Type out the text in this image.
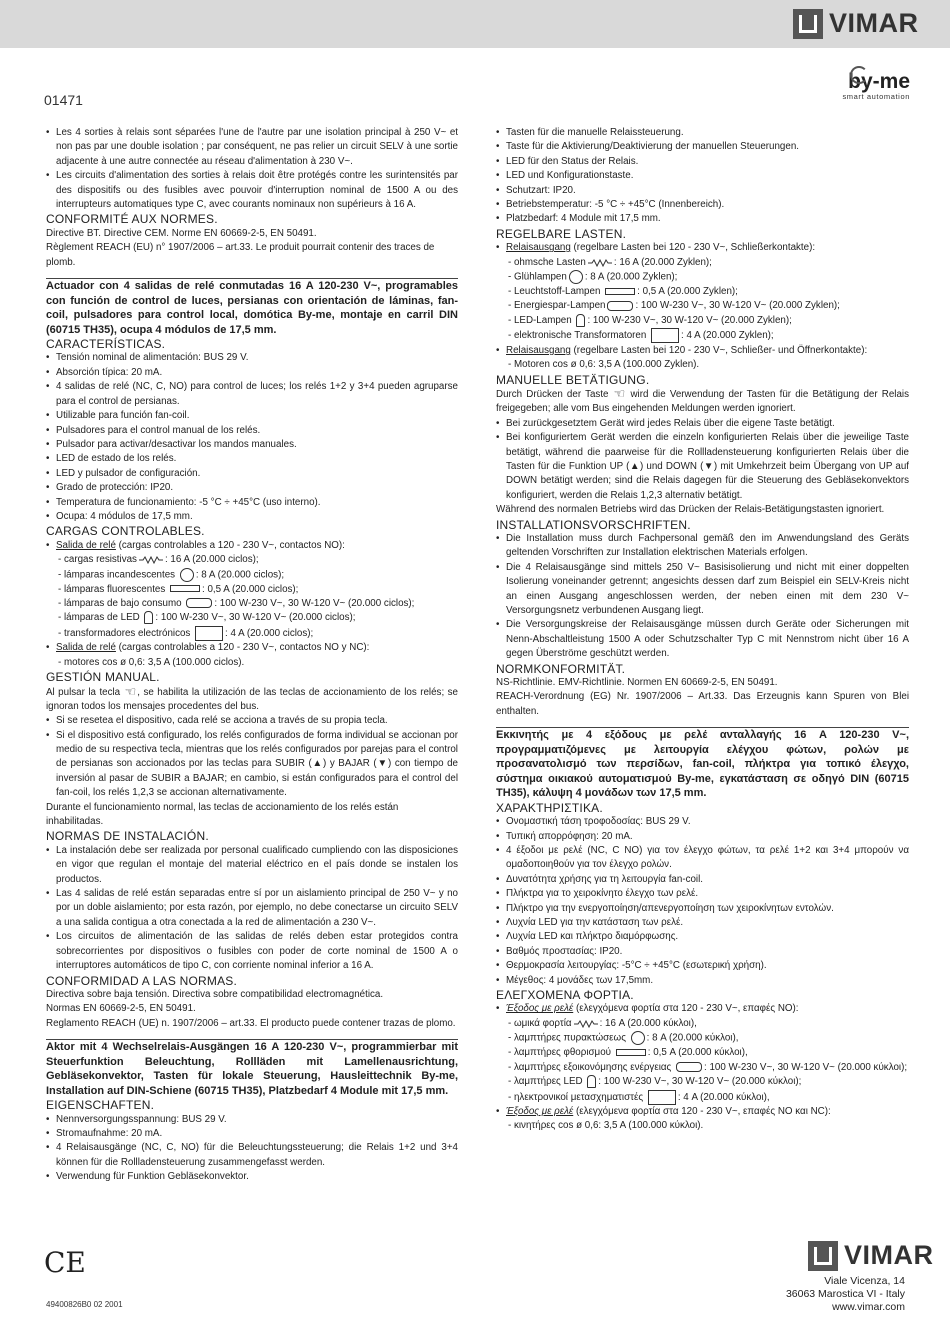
VIMAR
01471
by-me
smart automation

• Les 4 sorties à relais sont séparées l'une de l'autre par une isolation principal à 250 V~ et non pas par une double isolation ; par conséquent, ne pas relier un circuit SELV à une sortie adjacente à une autre connectée au réseau d'alimentation à 230 V~.

• Les circuits d'alimentation des sorties à relais doit être protégés contre les surintensités par des dispositifs ou des fusibles avec pouvoir d'interruption nominal de 1500 A ou des interrupteurs automatiques type C, avec courants nominaux non supérieurs à 16 A.

CONFORMITÉ AUX NORMES.

Directive BT. Directive CEM. Norme EN 60669-2-5, EN 50491.

Règlement REACH (EU) n° 1907/2006 – art.33. Le produit pourrait contenir des traces de plomb.

Actuador con 4 salidas de relé conmutadas 16 A 120-230 V~, programables con función de control de luces, persianas con orientación de láminas, fan-coil, pulsadores para control local, domótica By-me, montaje en carril DIN (60715 TH35), ocupa 4 módulos de 17,5 mm.

CARACTERÍSTICAS.

• Tensión nominal de alimentación: BUS 29 V.

• Absorción típica: 20 mA.

• 4 salidas de relé (NC, C, NO) para control de luces; los relés 1+2 y 3+4 pueden agruparse para el control de persianas.

• Utilizable para función fan-coil.

• Pulsadores para el control manual de los relés.

• Pulsador para activar/desactivar los mandos manuales.

• LED de estado de los relés.

• LED y pulsador de configuración.

• Grado de protección: IP20.

• Temperatura de funcionamiento: -5 °C ÷ +45°C (uso interno).

• Ocupa: 4 módulos de 17,5 mm.

CARGAS CONTROLABLES.

• Salida de relé (cargas controlables a 120 - 230 V~, contactos NO):

- cargas resistivas	: 16 A (20.000 ciclos);

- lámparas incandescentes : 8 A (20.000 ciclos);

- lámparas fluorescentes	: 0,5 A (20.000 ciclos);

- lámparas de bajo consumo	: 100 W-230 V~, 30 W-120 V~ (20.000 ciclos);

- lámparas de LED : 100 W-230 V~, 30 W-120 V~ (20.000 ciclos);

- transformadores electrónicos	: 4 A (20.000 ciclos);

• Salida de relé (cargas controlables a 120 - 230 V~, contactos NO y NC):

- motores cos ø 0,6: 3,5 A (100.000 ciclos).

GESTIÓN MANUAL.

Al pulsar la tecla ☜, se habilita la utilización de las teclas de accionamiento de los relés; se ignoran todos los mensajes procedentes del bus.

• Si se resetea el dispositivo, cada relé se acciona a través de su propia tecla.

• Si el dispositivo está configurado, los relés configurados de forma individual se accionan por medio de su respectiva tecla, mientras que los relés configurados por parejas para el control de persianas son accionados por las teclas para SUBIR (▲) y BAJAR (▼) con tiempo de inversión al pasar de SUBIR a BAJAR; en cambio, si están configurados para el control del fan-coil, los relés 1,2,3 se accionan alternativamente.

Durante el funcionamiento normal, las teclas de accionamiento de los relés están inhabilitadas.

NORMAS DE INSTALACIÓN.

• La instalación debe ser realizada por personal cualificado cumpliendo con las disposiciones en vigor que regulan el montaje del material eléctrico en el país donde se instalen los productos.

• Las 4 salidas de relé están separadas entre sí por un aislamiento principal de 250 V~ y no por un doble aislamiento; por esta razón, por ejemplo, no debe conectarse un circuito SELV a una salida contigua a otra conectada a la red de alimentación a 230 V~.

• Los circuitos de alimentación de las salidas de relés deben estar protegidos contra sobrecorrientes por dispositivos o fusibles con poder de corte nominal de 1500 A o interruptores automáticos de tipo C, con corriente nominal inferior a 16 A.

CONFORMIDAD A LAS NORMAS.

Directiva sobre baja tensión. Directiva sobre compatibilidad electromagnética.

Normas EN 60669-2-5, EN 50491.

Reglamento REACH (UE) n. 1907/2006 – art.33. El producto puede contener trazas de plomo.

Aktor mit 4 Wechselrelais-Ausgängen 16 A 120-230 V~, programmierbar mit Steuerfunktion Beleuchtung, Rollläden mit Lamellenausrichtung, Gebläsekonvektor, Tasten für lokale Steuerung, Hausleittechnik By-me, Installation auf DIN-Schiene (60715 TH35), Platzbedarf 4 Module mit 17,5 mm.

EIGENSCHAFTEN.

• Nennversorgungsspannung: BUS 29 V.

• Stromaufnahme: 20 mA.

• 4 Relaisausgänge (NC, C, NO) für die Beleuchtungssteuerung; die Relais 1+2 und 3+4 können für die Rollladensteuerung zusammengefasst werden.

• Verwendung für Funktion Gebläsekonvektor.

• Tasten für die manuelle Relaissteuerung.

• Taste für die Aktivierung/Deaktivierung der manuellen Steuerungen.

• LED für den Status der Relais.

• LED und Konfigurationstaste.

• Schutzart: IP20.

• Betriebstemperatur: -5 °C ÷ +45°C (Innenbereich).

• Platzbedarf: 4 Module mit 17,5 mm.

REGELBARE LASTEN.

• Relaisausgang (regelbare Lasten bei 120 - 230 V~, Schließerkontakte):

- ohmsche Lasten	: 16 A (20.000 Zyklen);

- Glühlampen : 8 A (20.000 Zyklen);

- Leuchtstoff-Lampen	: 0,5 A (20.000 Zyklen);

- Energiespar-Lampen	: 100 W-230 V~, 30 W-120 V~ (20.000 Zyklen);

- LED-Lampen : 100 W-230 V~, 30 W-120 V~ (20.000 Zyklen);

- elektronische Transformatoren	: 4 A (20.000 Zyklen);

• Relaisausgang (regelbare Lasten bei 120 - 230 V~, Schließer- und Öffnerkontakte):

- Motoren cos ø 0,6: 3,5 A (100.000 Zyklen).

MANUELLE BETÄTIGUNG.

Durch Drücken der Taste ☜ wird die Verwendung der Tasten für die Betätigung der Relais freigegeben; alle vom Bus eingehenden Meldungen werden ignoriert.

• Bei zurückgesetztem Gerät wird jedes Relais über die eigene Taste betätigt.

• Bei konfiguriertem Gerät werden die einzeln konfigurierten Relais über die jeweilige Taste betätigt, während die paarweise für die Rollladensteuerung konfigurierten Relais über die Tasten für die Funktion UP (▲) und DOWN (▼) mit Umkehrzeit beim Übergang von UP auf DOWN betätigt werden; sind die Relais dagegen für die Steuerung des Gebläsekonvektors konfiguriert, werden die Relais 1,2,3 alternativ betätigt.

Während des normalen Betriebs wird das Drücken der Relais-Betätigungstasten ignoriert.

INSTALLATIONSVORSCHRIFTEN.

• Die Installation muss durch Fachpersonal gemäß den im Anwendungsland des Geräts geltenden Vorschriften zur Installation elektrischen Materials erfolgen.

• Die 4 Relaisausgänge sind mittels 250 V~ Basisisolierung und nicht mit einer doppelten Isolierung voneinander getrennt; angesichts dessen darf zum Beispiel ein SELV-Kreis nicht an einen Ausgang angeschlossen werden, der neben einen mit dem 230 V~ Versorgungsnetz verbundenen Ausgang liegt.

• Die Versorgungskreise der Relaisausgänge müssen durch Geräte oder Sicherungen mit Nenn-Abschaltleistung 1500 A oder Schutzschalter Typ C mit Nennstrom nicht über 16 A gegen Überströme geschützt werden.

NORMKONFORMITÄT.

NS-Richtlinie. EMV-Richtlinie. Normen EN 60669-2-5, EN 50491.

REACH-Verordnung (EG) Nr. 1907/2006 – Art.33. Das Erzeugnis kann Spuren von Blei enthalten.

Εκκινητής με 4 εξόδους με ρελέ ανταλλαγής 16 A 120-230 V~, προγραμματιζόμενες με λειτουργία ελέγχου φώτων, ρολών με προσανατολισμό των περσίδων, fan-coil, πλήκτρα για τοπικό έλεγχο, σύστημα οικιακού αυτοματισμού By-me, εγκατάσταση σε οδηγό DIN (60715 TH35), κάλυψη 4 μονάδων των 17,5 mm.

ΧΑΡΑΚΤΗΡΙΣΤΙΚΑ.

• Ονομαστική τάση τροφοδοσίας: BUS 29 V.

• Τυπική απορρόφηση: 20 mA.

• 4 έξοδοι με ρελέ (NC, C NO) για τον έλεγχο φώτων, τα ρελέ 1+2 και 3+4 μπορούν να ομαδοποιηθούν για τον έλεγχο ρολών.

• Δυνατότητα χρήσης για τη λειτουργία fan-coil.

• Πλήκτρα για το χειροκίνητο έλεγχο των ρελέ.

• Πλήκτρο για την ενεργοποίηση/απενεργοποίηση των χειροκίνητων εντολών.

• Λυχνία LED για την κατάσταση των ρελέ.

• Λυχνία LED και πλήκτρο διαμόρφωσης.

• Βαθμός προστασίας: IP20.

• Θερμοκρασία λειτουργίας: -5°C ÷ +45°C (εσωτερική χρήση).

• Μέγεθος: 4 μονάδες των 17,5mm.

ΕΛΕΓΧΟΜΕΝΑ ΦΟΡΤΙΑ.

• Έξοδος με ρελέ (ελεγχόμενα φορτία στα 120 - 230 V~, επαφές NO):

- ωμικά φορτία	: 16 A (20.000 κύκλοι),

- λαμπτήρες πυρακτώσεως : 8 A (20.000 κύκλοι),

- λαμπτήρες φθορισμού	: 0,5 A (20.000 κύκλοι),

- λαμπτήρες εξοικονόμησης ενέργειας	: 100 W-230 V~, 30 W-120 V~ (20.000 κύκλοι);

- λαμπτήρες LED : 100 W-230 V~, 30 W-120 V~ (20.000 κύκλοι);

- ηλεκτρονικοί μετασχηματιστές	: 4 A (20.000 κύκλοι),

• Έξοδος με ρελέ (ελεγχόμενα φορτία στα 120 - 230 V~, επαφές NO και NC):

- κινητήρες cos ø 0,6: 3,5 A (100.000 κύκλοι).

CE
49400826B0 02 2001
VIMAR
Viale Vicenza, 14
36063 Marostica VI - Italy
www.vimar.com
